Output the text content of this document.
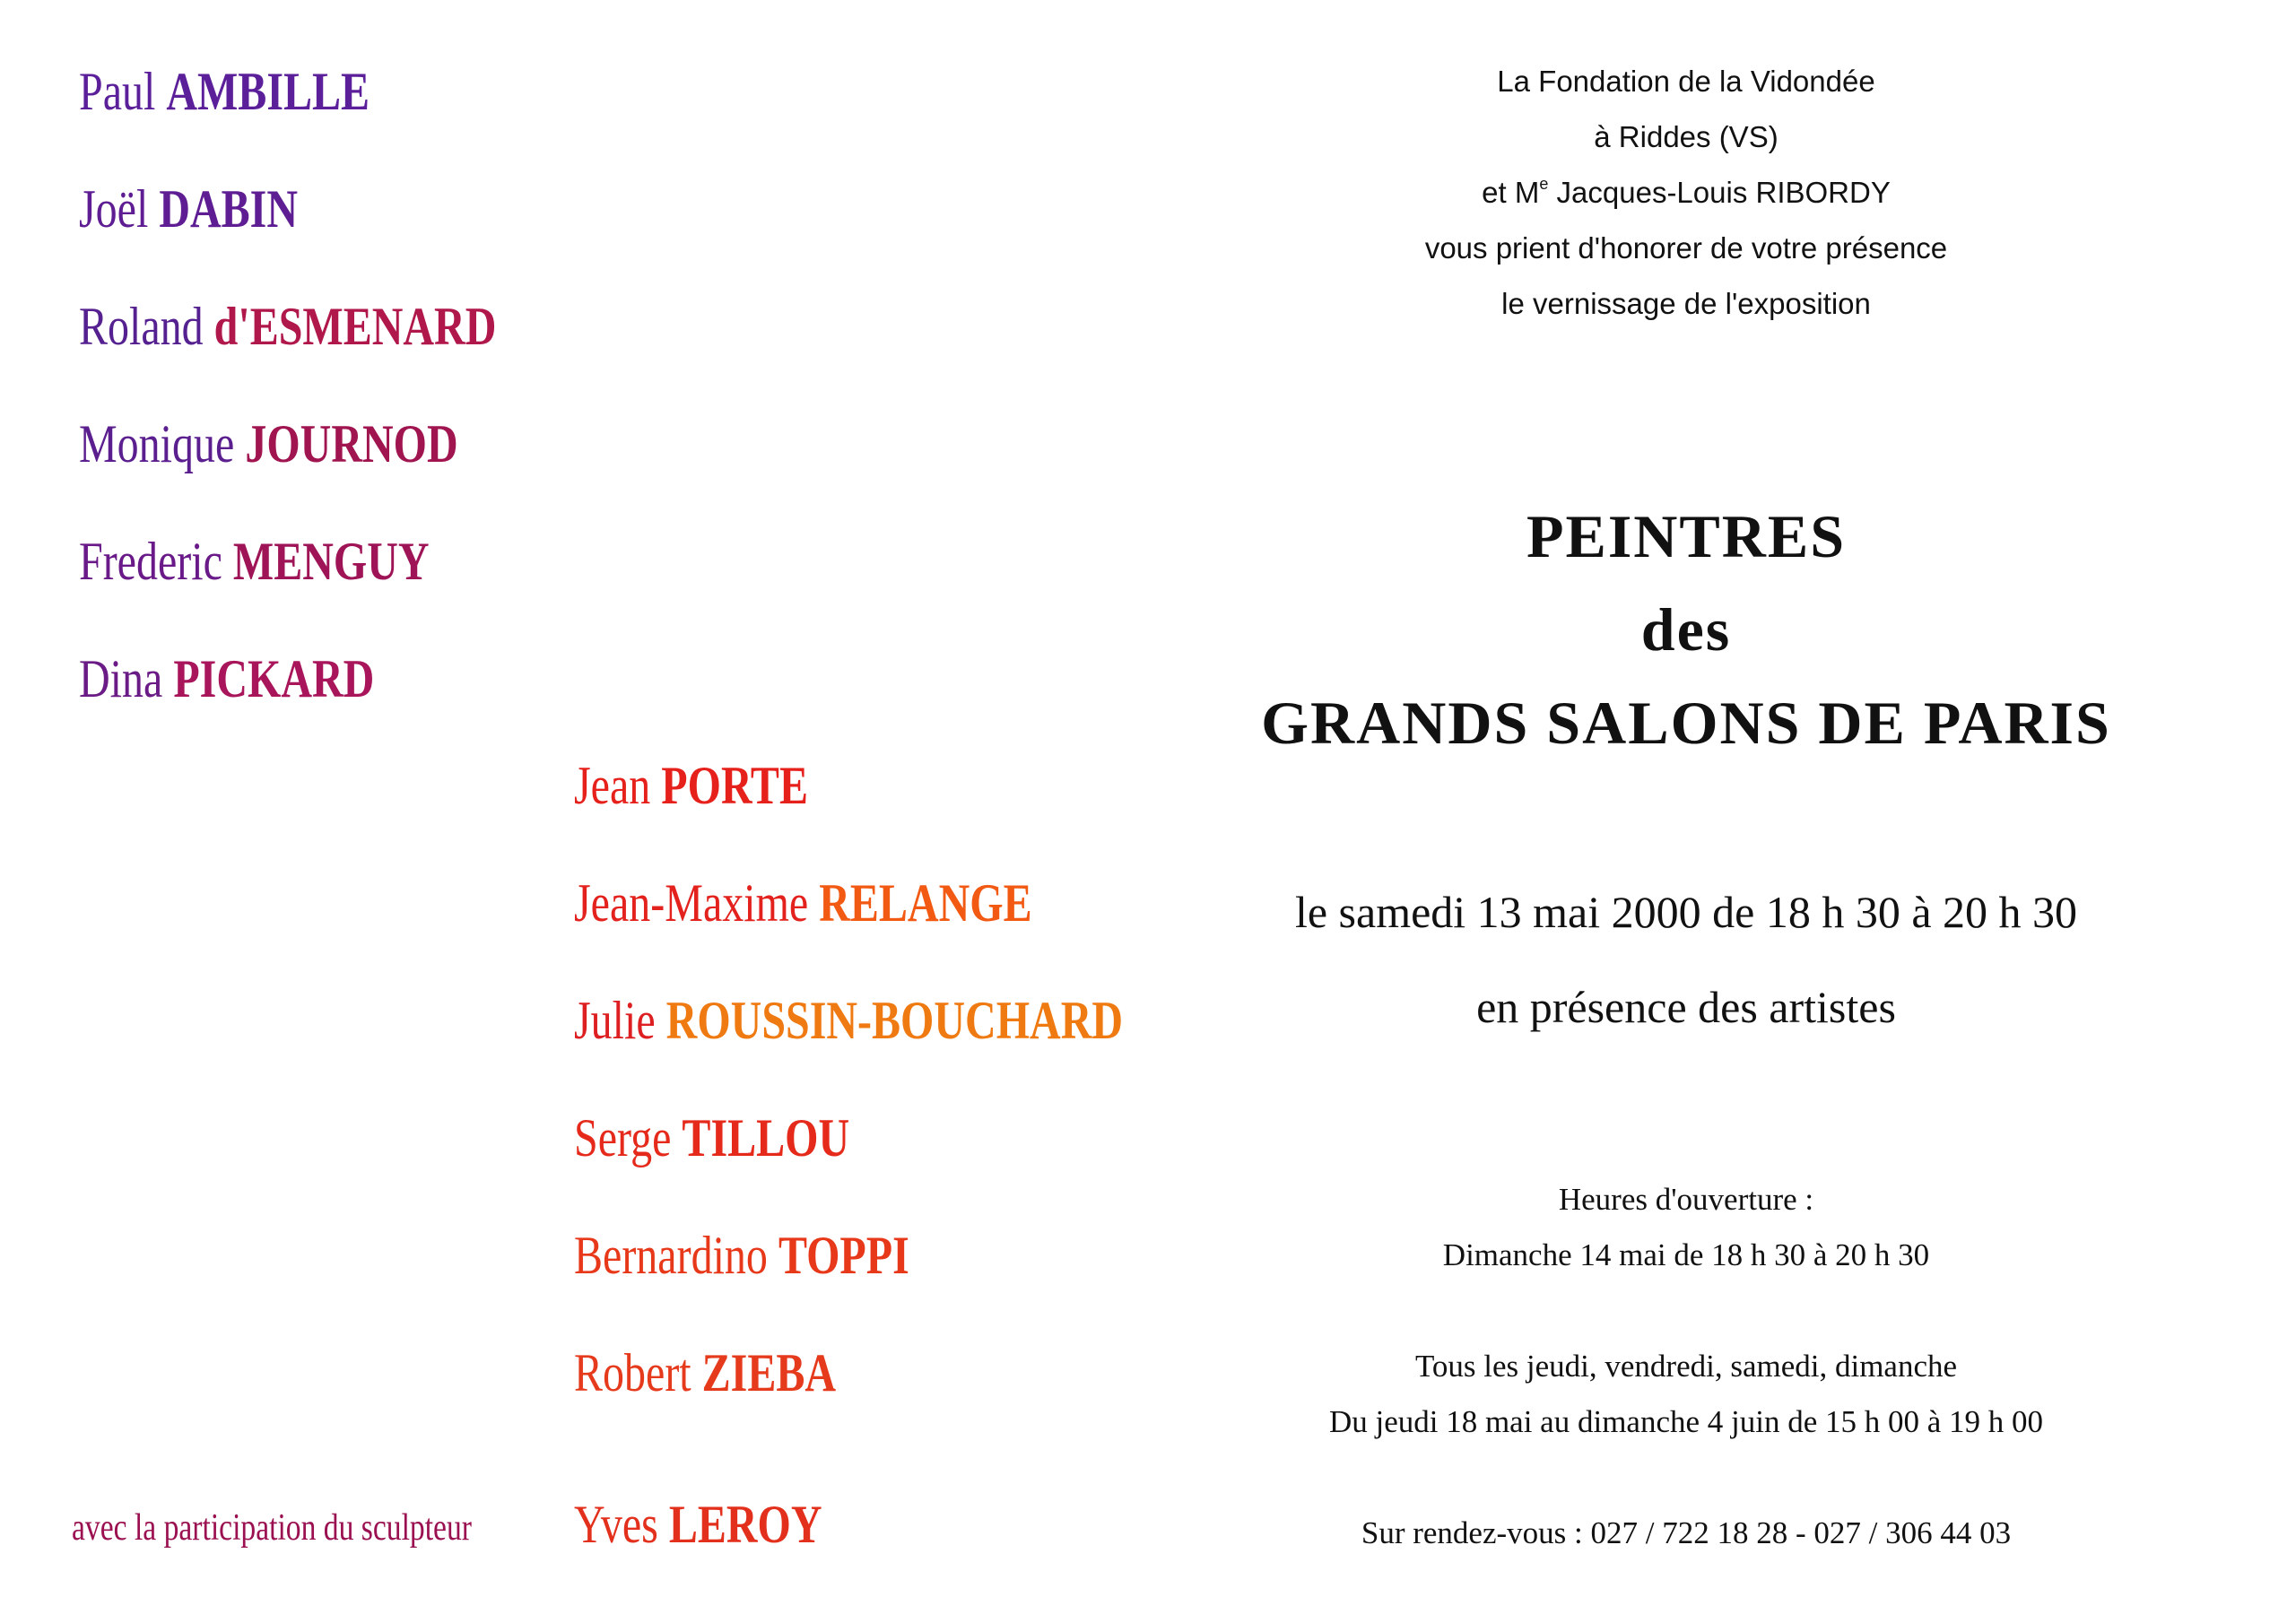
Paul AMBILLE
Joël DABIN
Roland d'ESMENARD
Monique JOURNOD
Frederic MENGUY
Dina PICKARD
Jean PORTE
Jean-Maxime RELANGE
Julie ROUSSIN-BOUCHARD
Serge TILLOU
Bernardino TOPPI
Robert ZIEBA
avec la participation du sculpteur Yves LEROY
La Fondation de la Vidondée
à Riddes (VS)
et Me Jacques-Louis RIBORDY
vous prient d'honorer de votre présence
le vernissage de l'exposition
PEINTRES
des
GRANDS SALONS DE PARIS
le samedi 13 mai 2000 de 18 h 30 à 20 h 30
en présence des artistes
Heures d'ouverture :
Dimanche 14 mai de 18 h 30 à 20 h 30
Tous les jeudi, vendredi, samedi, dimanche
Du jeudi 18 mai au dimanche 4 juin de 15 h 00 à 19 h 00
Sur rendez-vous : 027 / 722 18 28 - 027 / 306 44 03
